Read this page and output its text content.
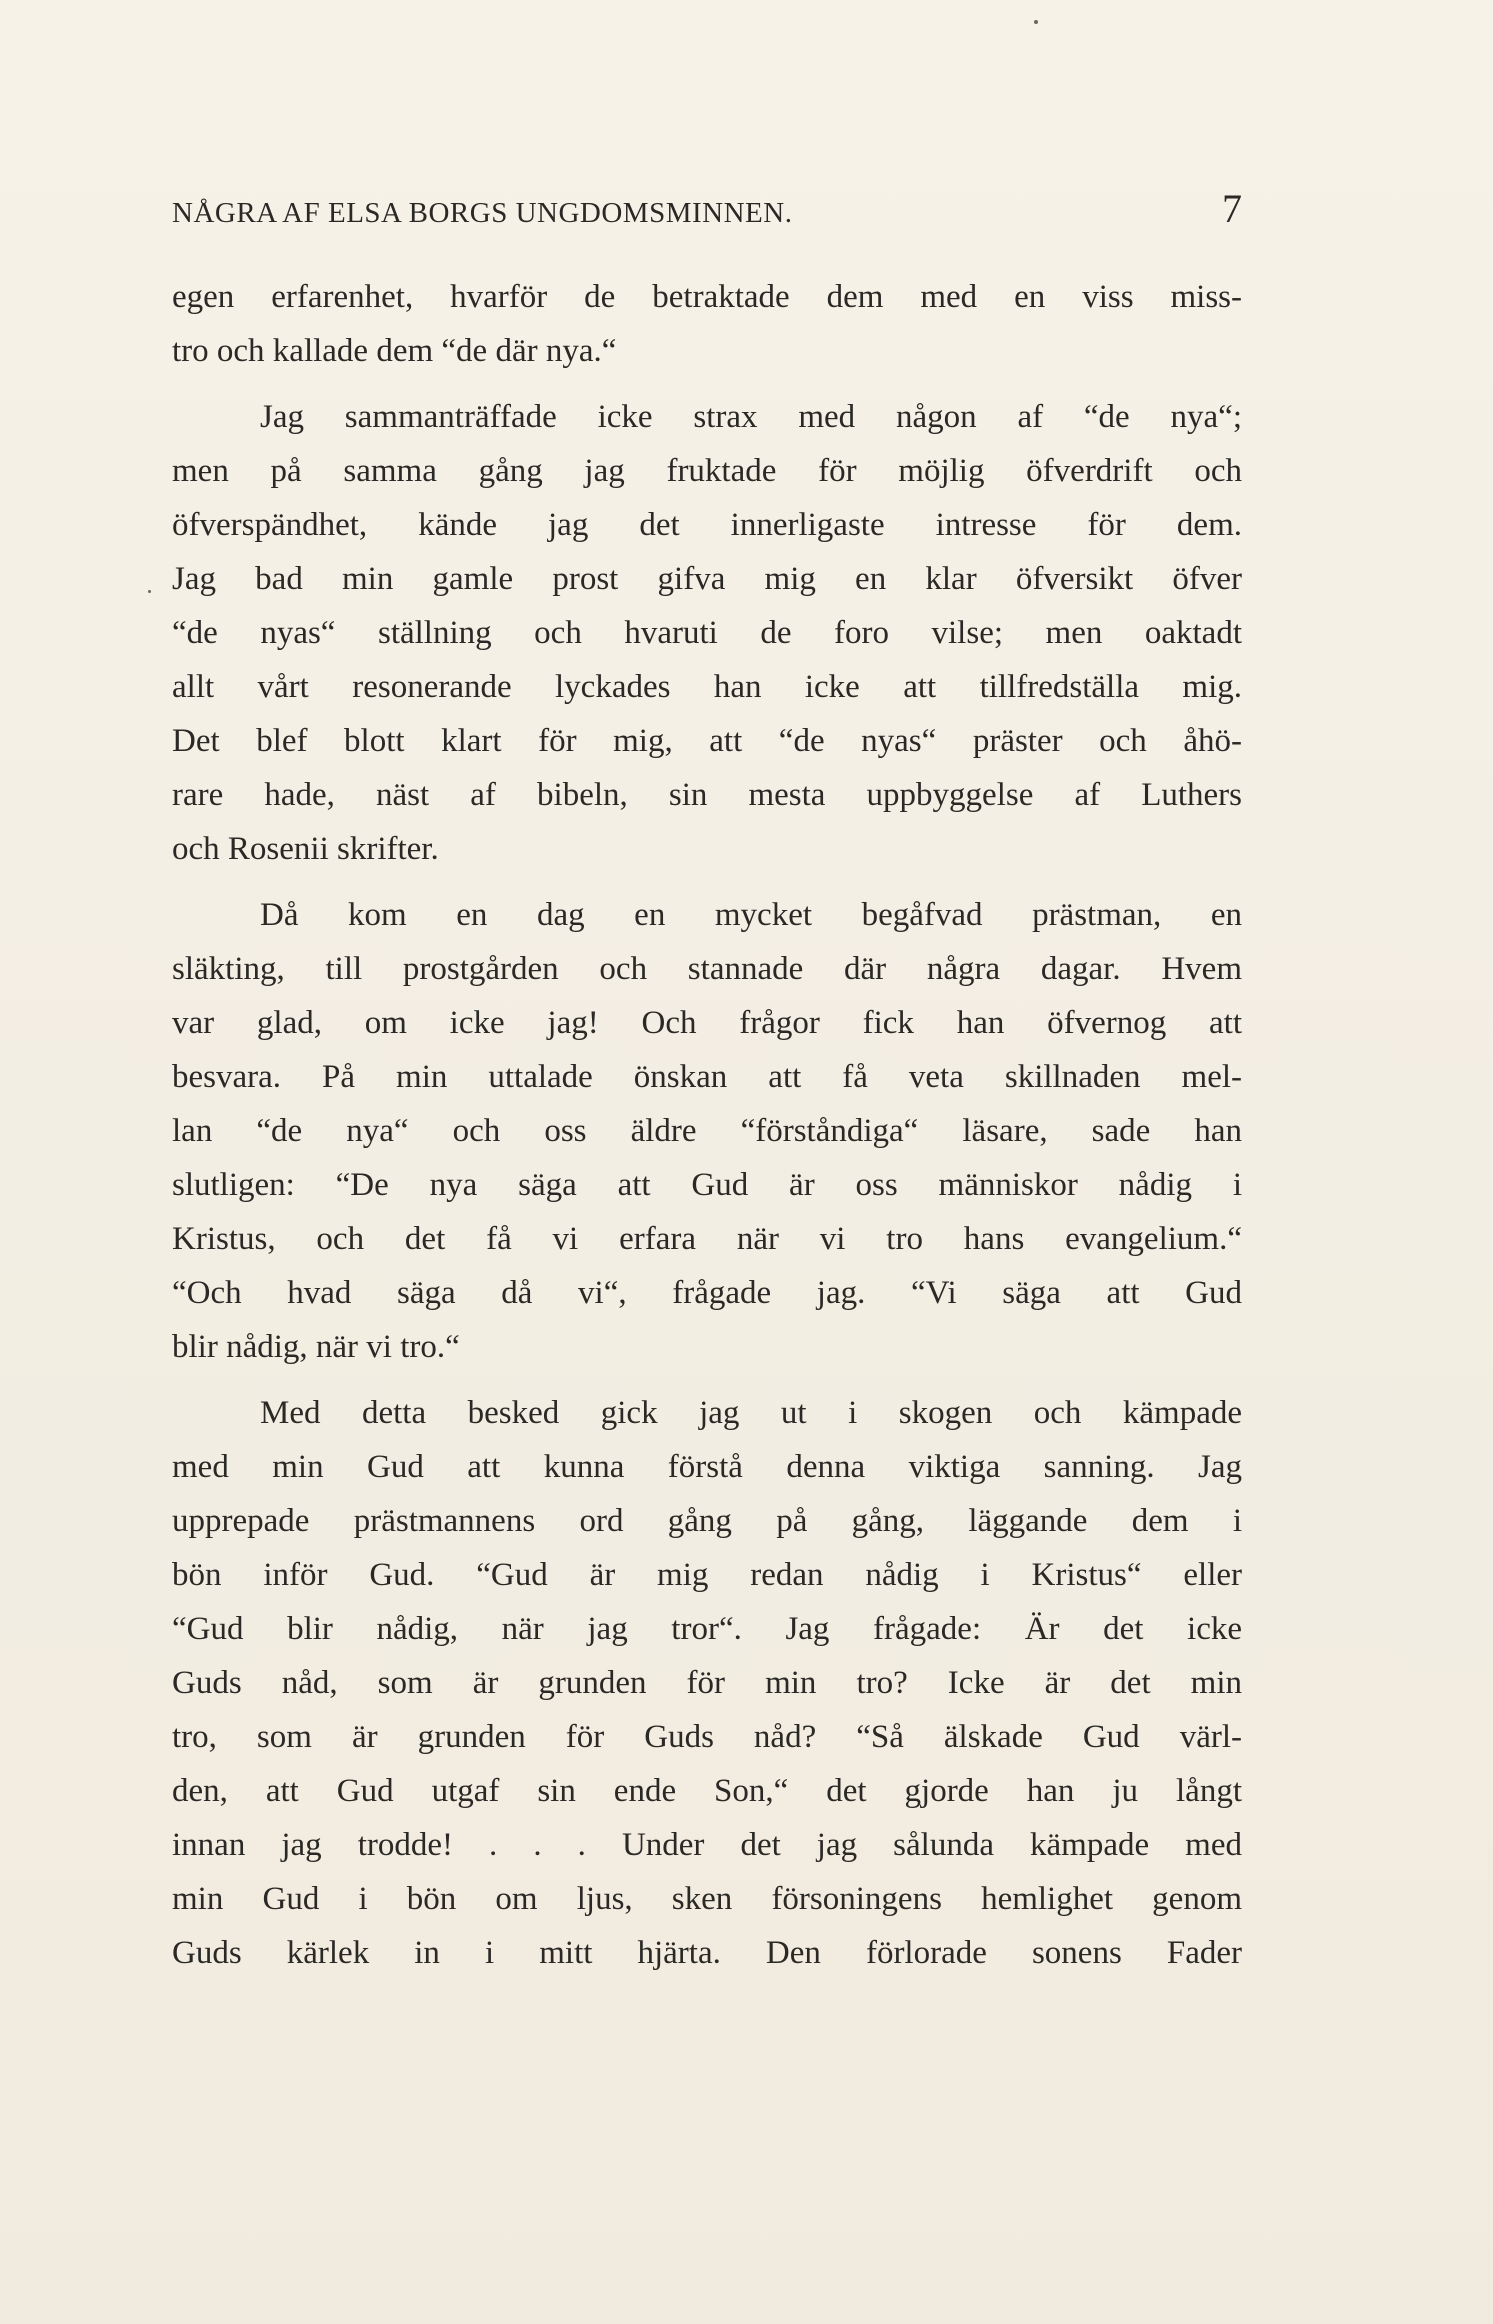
NÅGRA AF ELSA BORGS UNGDOMSMINNEN.	7
egen erfarenhet, hvarför de betraktade dem med en viss miss-
tro och kallade dem “de där nya.“
Jag sammanträffade icke strax med någon af “de nya“;
men på samma gång jag fruktade för möjlig öfverdrift och
öfverspändhet, kände jag det innerligaste intresse för dem.
Jag bad min gamle prost gifva mig en klar öfversikt öfver
“de nyas“ ställning och hvaruti de foro vilse; men oaktadt
allt vårt resonerande lyckades han icke att tillfredställa mig.
Det blef blott klart för mig, att “de nyas“ präster och åhö-
rare hade, näst af bibeln, sin mesta uppbyggelse af Luthers
och Rosenii skrifter.
Då kom en dag en mycket begåfvad prästman, en
släkting, till prostgården och stannade där några dagar. Hvem
var glad, om icke jag! Och frågor fick han öfvernog att
besvara. På min uttalade önskan att få veta skillnaden mel-
lan “de nya“ och oss äldre “förståndiga“ läsare, sade han
slutligen: “De nya säga att Gud är oss människor nådig i
Kristus, och det få vi erfara när vi tro hans evangelium.“
“Och hvad säga då vi“, frågade jag. “Vi säga att Gud
blir nådig, när vi tro.“
Med detta besked gick jag ut i skogen och kämpade
med min Gud att kunna förstå denna viktiga sanning. Jag
upprepade prästmannens ord gång på gång, läggande dem i
bön inför Gud. “Gud är mig redan nådig i Kristus“ eller
“Gud blir nådig, när jag tror“. Jag frågade: Är det icke
Guds nåd, som är grunden för min tro? Icke är det min
tro, som är grunden för Guds nåd? “Så älskade Gud värl-
den, att Gud utgaf sin ende Son,“ det gjorde han ju långt
innan jag trodde! . . . Under det jag sålunda kämpade med
min Gud i bön om ljus, sken försoningens hemlighet genom
Guds kärlek in i mitt hjärta. Den förlorade sonens Fader
